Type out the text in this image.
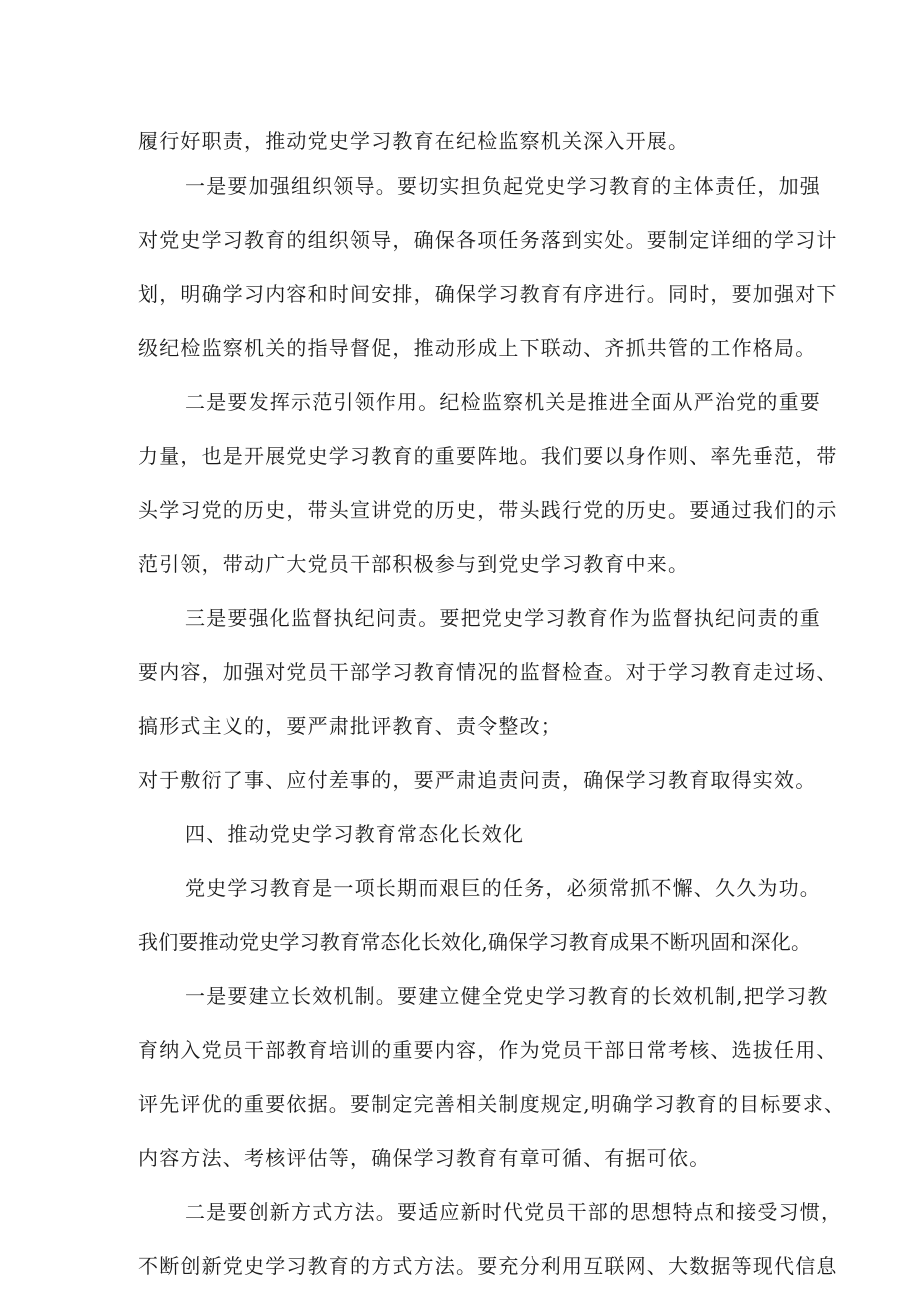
履行好职责，推动党史学习教育在纪检监察机关深入开展。
一是要加强组织领导。要切实担负起党史学习教育的主体责任，加强
对党史学习教育的组织领导，确保各项任务落到实处。要制定详细的学习计
划，明确学习内容和时间安排，确保学习教育有序进行。同时，要加强对下
级纪检监察机关的指导督促，推动形成上下联动、齐抓共管的工作格局。
二是要发挥示范引领作用。纪检监察机关是推进全面从严治党的重要
力量，也是开展党史学习教育的重要阵地。我们要以身作则、率先垂范，带
头学习党的历史，带头宣讲党的历史，带头践行党的历史。要通过我们的示
范引领，带动广大党员干部积极参与到党史学习教育中来。
三是要强化监督执纪问责。要把党史学习教育作为监督执纪问责的重
要内容，加强对党员干部学习教育情况的监督检查。对于学习教育走过场、
搞形式主义的，要严肃批评教育、责令整改；
对于敷衍了事、应付差事的，要严肃追责问责，确保学习教育取得实效。
四、推动党史学习教育常态化长效化
党史学习教育是一项长期而艰巨的任务，必须常抓不懈、久久为功。
我们要推动党史学习教育常态化长效化,确保学习教育成果不断巩固和深化。
一是要建立长效机制。要建立健全党史学习教育的长效机制,把学习教
育纳入党员干部教育培训的重要内容，作为党员干部日常考核、选拔任用、
评先评优的重要依据。要制定完善相关制度规定,明确学习教育的目标要求、
内容方法、考核评估等，确保学习教育有章可循、有据可依。
二是要创新方式方法。要适应新时代党员干部的思想特点和接受习惯，
不断创新党史学习教育的方式方法。要充分利用互联网、大数据等现代信息
